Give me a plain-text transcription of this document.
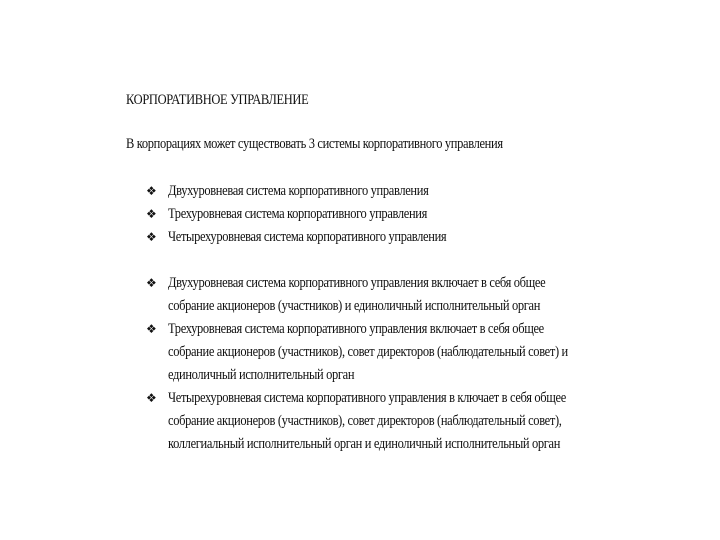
КОРПОРАТИВНОЕ УПРАВЛЕНИЕ
В корпорациях может существовать 3 системы корпоративного управления
❖ Двухуровневая система корпоративного управления
❖ Трехуровневая система корпоративного управления
❖ Четырехуровневая система корпоративного управления
❖ Двухуровневая система корпоративного управления включает в себя общее
собрание акционеров (участников) и единоличный исполнительный орган
❖ Трехуровневая система корпоративного управления включает в себя общее
собрание акционеров (участников), совет директоров (наблюдательный совет) и
единоличный исполнительный орган
❖ Четырехуровневая система корпоративного управления в ключает в себя общее
собрание акционеров (участников), совет директоров (наблюдательный совет),
коллегиальный исполнительный орган и единоличный исполнительный орган
